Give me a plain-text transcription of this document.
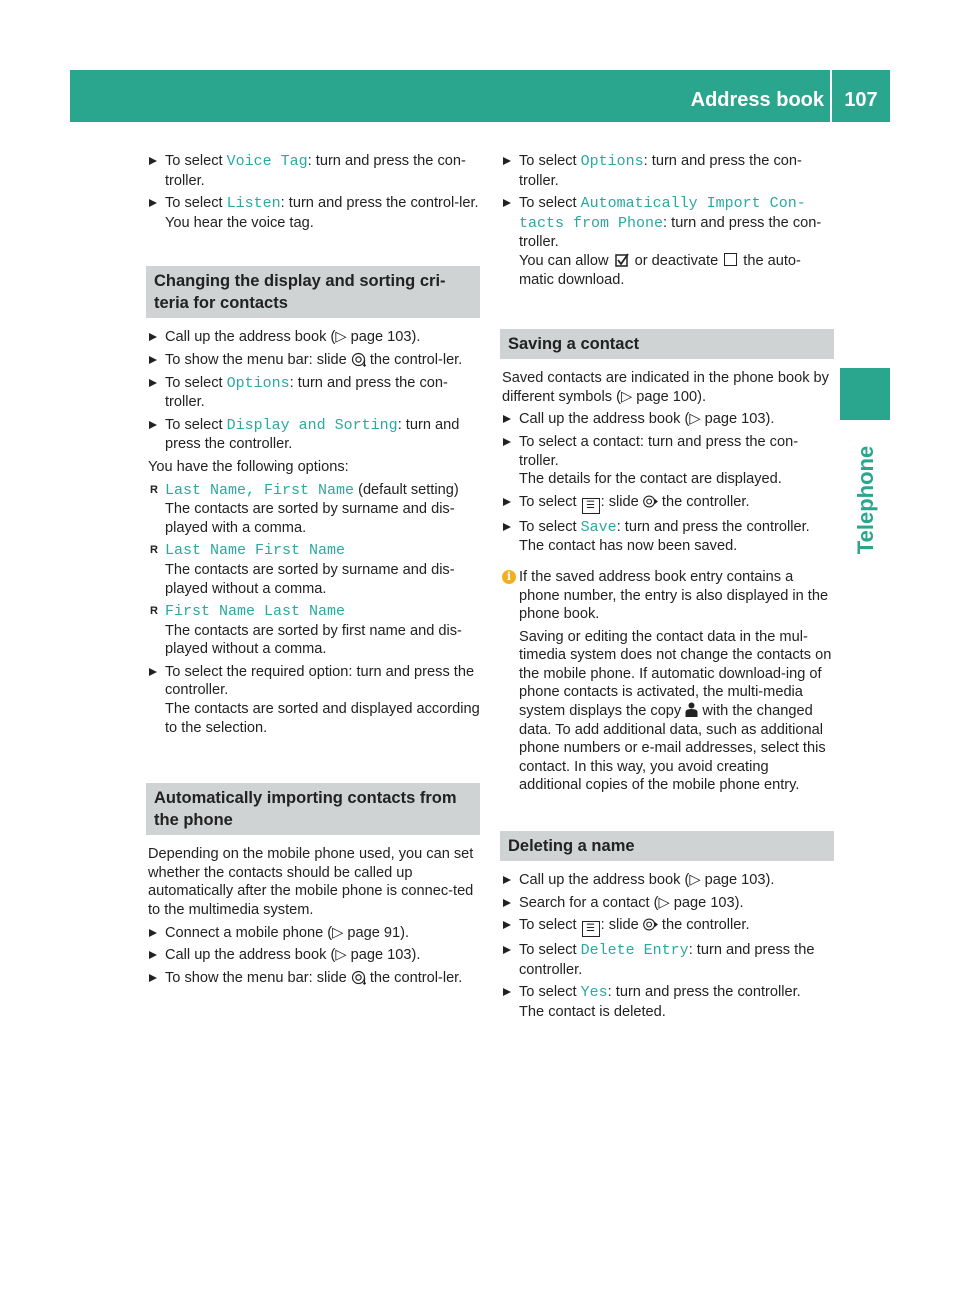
Address book	107
Telephone
To select Voice Tag: turn and press the con-troller.
To select Listen: turn and press the control-ler.
You hear the voice tag.
Changing the display and sorting cri-teria for contacts
Call up the address book (▷ page 103).
To show the menu bar: slide  the control-ler.
To select Options: turn and press the con-troller.
To select Display and Sorting: turn and press the controller.
You have the following options:
R Last Name, First Name (default setting)
The contacts are sorted by surname and dis-played with a comma.
R Last Name First Name
The contacts are sorted by surname and dis-played without a comma.
R First Name Last Name
The contacts are sorted by first name and dis-played without a comma.
To select the required option: turn and press the controller.
The contacts are sorted and displayed according to the selection.
Automatically importing contacts from the phone
Depending on the mobile phone used, you can set whether the contacts should be called up automatically after the mobile phone is connec-ted to the multimedia system.
Connect a mobile phone (▷ page 91).
Call up the address book (▷ page 103).
To show the menu bar: slide  the control-ler.
To select Options: turn and press the con-troller.
To select Automatically Import Con‐tacts from Phone: turn and press the con-troller.
You can allow  or deactivate  the auto-matic download.
Saving a contact
Saved contacts are indicated in the phone book by different symbols (▷ page 100).
Call up the address book (▷ page 103).
To select a contact: turn and press the con-troller.
The details for the contact are displayed.
To select ☰ : slide  the controller.
To select Save: turn and press the controller.
The contact has now been saved.
i If the saved address book entry contains a phone number, the entry is also displayed in the phone book.
Saving or editing the contact data in the mul-timedia system does not change the contacts on the mobile phone. If automatic download-ing of phone contacts is activated, the multi-media system displays the copy  with the changed data. To add additional data, such as additional phone numbers or e-mail addresses, select this contact. In this way, you avoid creating additional copies of the mobile phone entry.
Deleting a name
Call up the address book (▷ page 103).
Search for a contact (▷ page 103).
To select ☰ : slide  the controller.
To select Delete Entry: turn and press the controller.
To select Yes: turn and press the controller.
The contact is deleted.
